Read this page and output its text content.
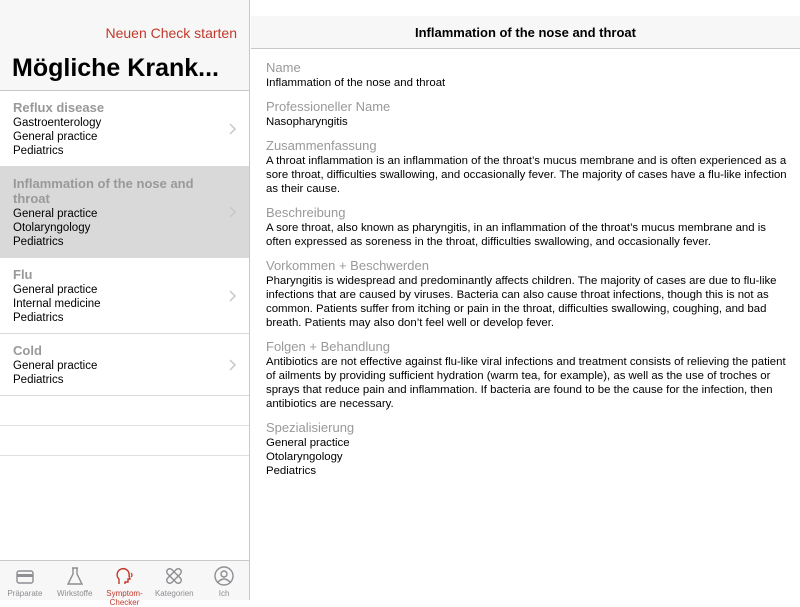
Neuen Check starten
Mögliche Krank...
Reflux disease
Gastroenterology
General practice
Pediatrics
Inflammation of the nose and throat
General practice
Otolaryngology
Pediatrics
Flu
General practice
Internal medicine
Pediatrics
Cold
General practice
Pediatrics
Präparate	Wirkstoffe	Symptom-Checker
Kategorien	Ich
Inflammation of the nose and throat
Name
Inflammation of the nose and throat
Professioneller Name
Nasopharyngitis
Zusammenfassung
A throat inflammation is an inflammation of the throat’s mucus membrane and is often experienced as a sore throat, difficulties swallowing, and occasionally fever. The majority of cases have a flu-like infection as their cause.
Beschreibung
A sore throat, also known as pharyngitis, in an inflammation of the throat’s mucus membrane and is often expressed as soreness in the throat, difficulties swallowing, and occasionally fever.
Vorkommen + Beschwerden
Pharyngitis is widespread and predominantly affects children. The majority of cases are due to flu-like infections that are caused by viruses. Bacteria can also cause throat infections, though this is not as common. Patients suffer from itching or pain in the throat, difficulties swallowing, coughing, and bad breath. Patients may also don’t feel well or develop fever.
Folgen + Behandlung
Antibiotics are not effective against flu-like viral infections and treatment consists of relieving the patient of ailments by providing sufficient hydration (warm tea, for example), as well as the use of troches or sprays that reduce pain and inflammation. If bacteria are found to be the cause for the infection, then antibiotics are necessary.
Spezialisierung
General practice
Otolaryngology
Pediatrics
